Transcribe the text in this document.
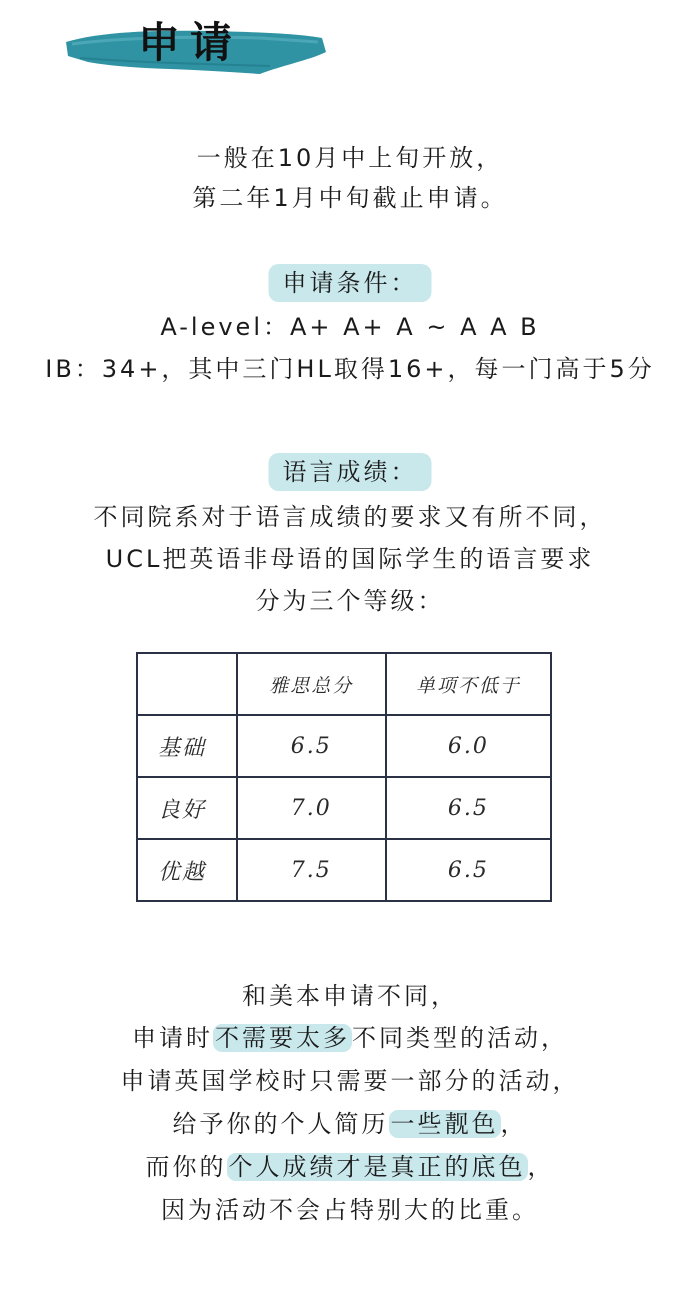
申请
一般在10月中上旬开放，
第二年1月中旬截止申请。
申请条件：
A-level：A+ A+ A ~ A A B
IB：34+，其中三门HL取得16+，每一门高于5分
语言成绩：
不同院系对于语言成绩的要求又有所不同，
UCL把英语非母语的国际学生的语言要求
分为三个等级：
	雅思总分	单项不低于
基础	6.5	6.0
良好	7.0	6.5
优越	7.5	6.5
和美本申请不同，
申请时不需要太多不同类型的活动，
申请英国学校时只需要一部分的活动，
给予你的个人简历一些靓色，
而你的个人成绩才是真正的底色，
因为活动不会占特别大的比重。
